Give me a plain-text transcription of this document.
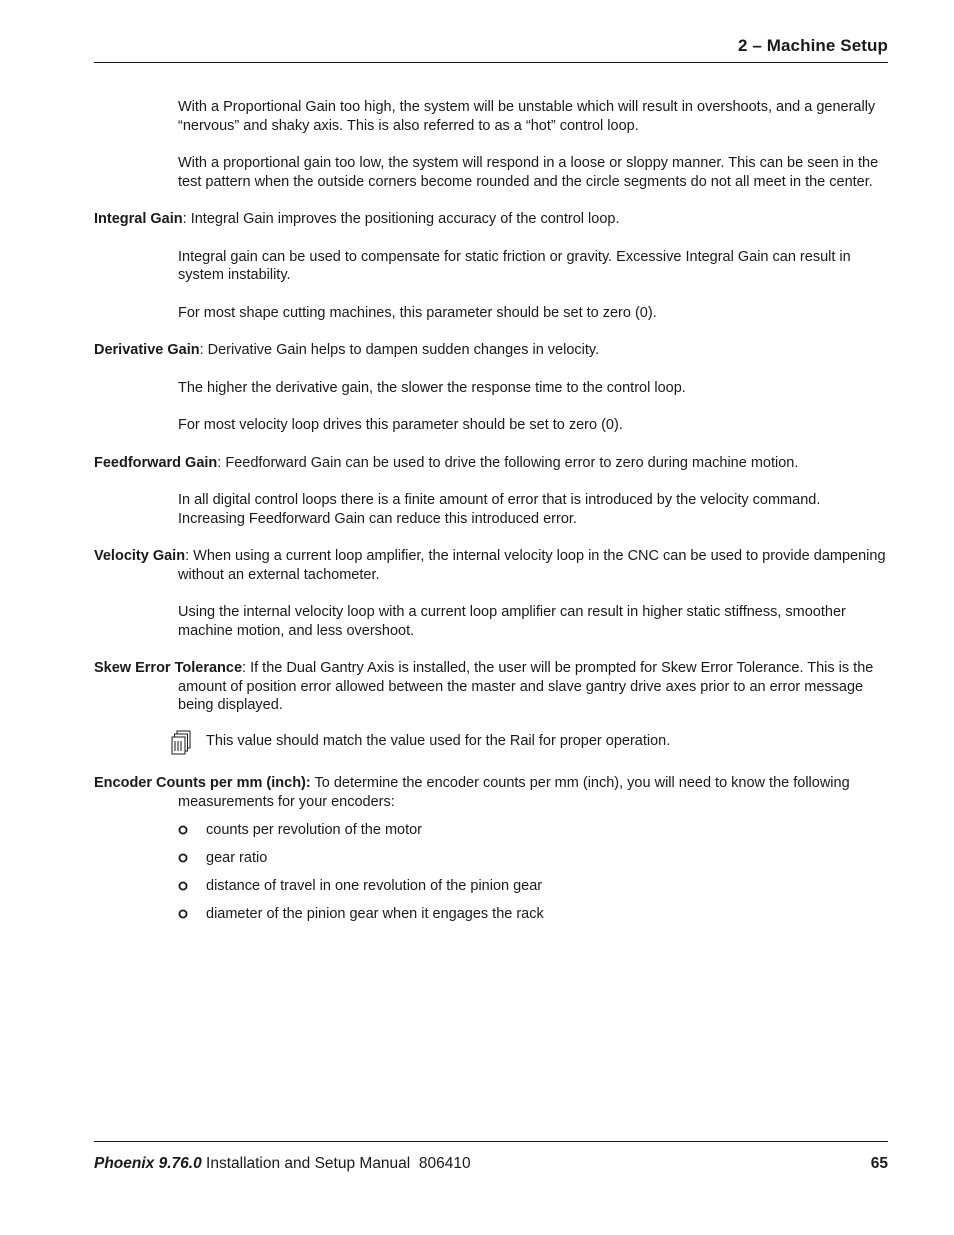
2 – Machine Setup

With a Proportional Gain too high, the system will be unstable which will result in overshoots, and a generally “nervous” and shaky axis. This is also referred to as a “hot” control loop.

With a proportional gain too low, the system will respond in a loose or sloppy manner. This can be seen in the test pattern when the outside corners become rounded and the circle segments do not all meet in the center.

Integral Gain: Integral Gain improves the positioning accuracy of the control loop.

Integral gain can be used to compensate for static friction or gravity. Excessive Integral Gain can result in system instability.

For most shape cutting machines, this parameter should be set to zero (0).

Derivative Gain: Derivative Gain helps to dampen sudden changes in velocity.

The higher the derivative gain, the slower the response time to the control loop.

For most velocity loop drives this parameter should be set to zero (0).

Feedforward Gain: Feedforward Gain can be used to drive the following error to zero during machine motion.

In all digital control loops there is a finite amount of error that is introduced by the velocity command. Increasing Feedforward Gain can reduce this introduced error.

Velocity Gain: When using a current loop amplifier, the internal velocity loop in the CNC can be used to provide dampening without an external tachometer.

Using the internal velocity loop with a current loop amplifier can result in higher static stiffness, smoother machine motion, and less overshoot.

Skew Error Tolerance: If the Dual Gantry Axis is installed, the user will be prompted for Skew Error Tolerance. This is the amount of position error allowed between the master and slave gantry drive axes prior to an error message being displayed.

This value should match the value used for the Rail for proper operation.

Encoder Counts per mm (inch): To determine the encoder counts per mm (inch), you will need to know the following measurements for your encoders:

counts per revolution of the motor
gear ratio
distance of travel in one revolution of the pinion gear
diameter of the pinion gear when it engages the rack
Phoenix 9.76.0 Installation and Setup Manual  806410	65
